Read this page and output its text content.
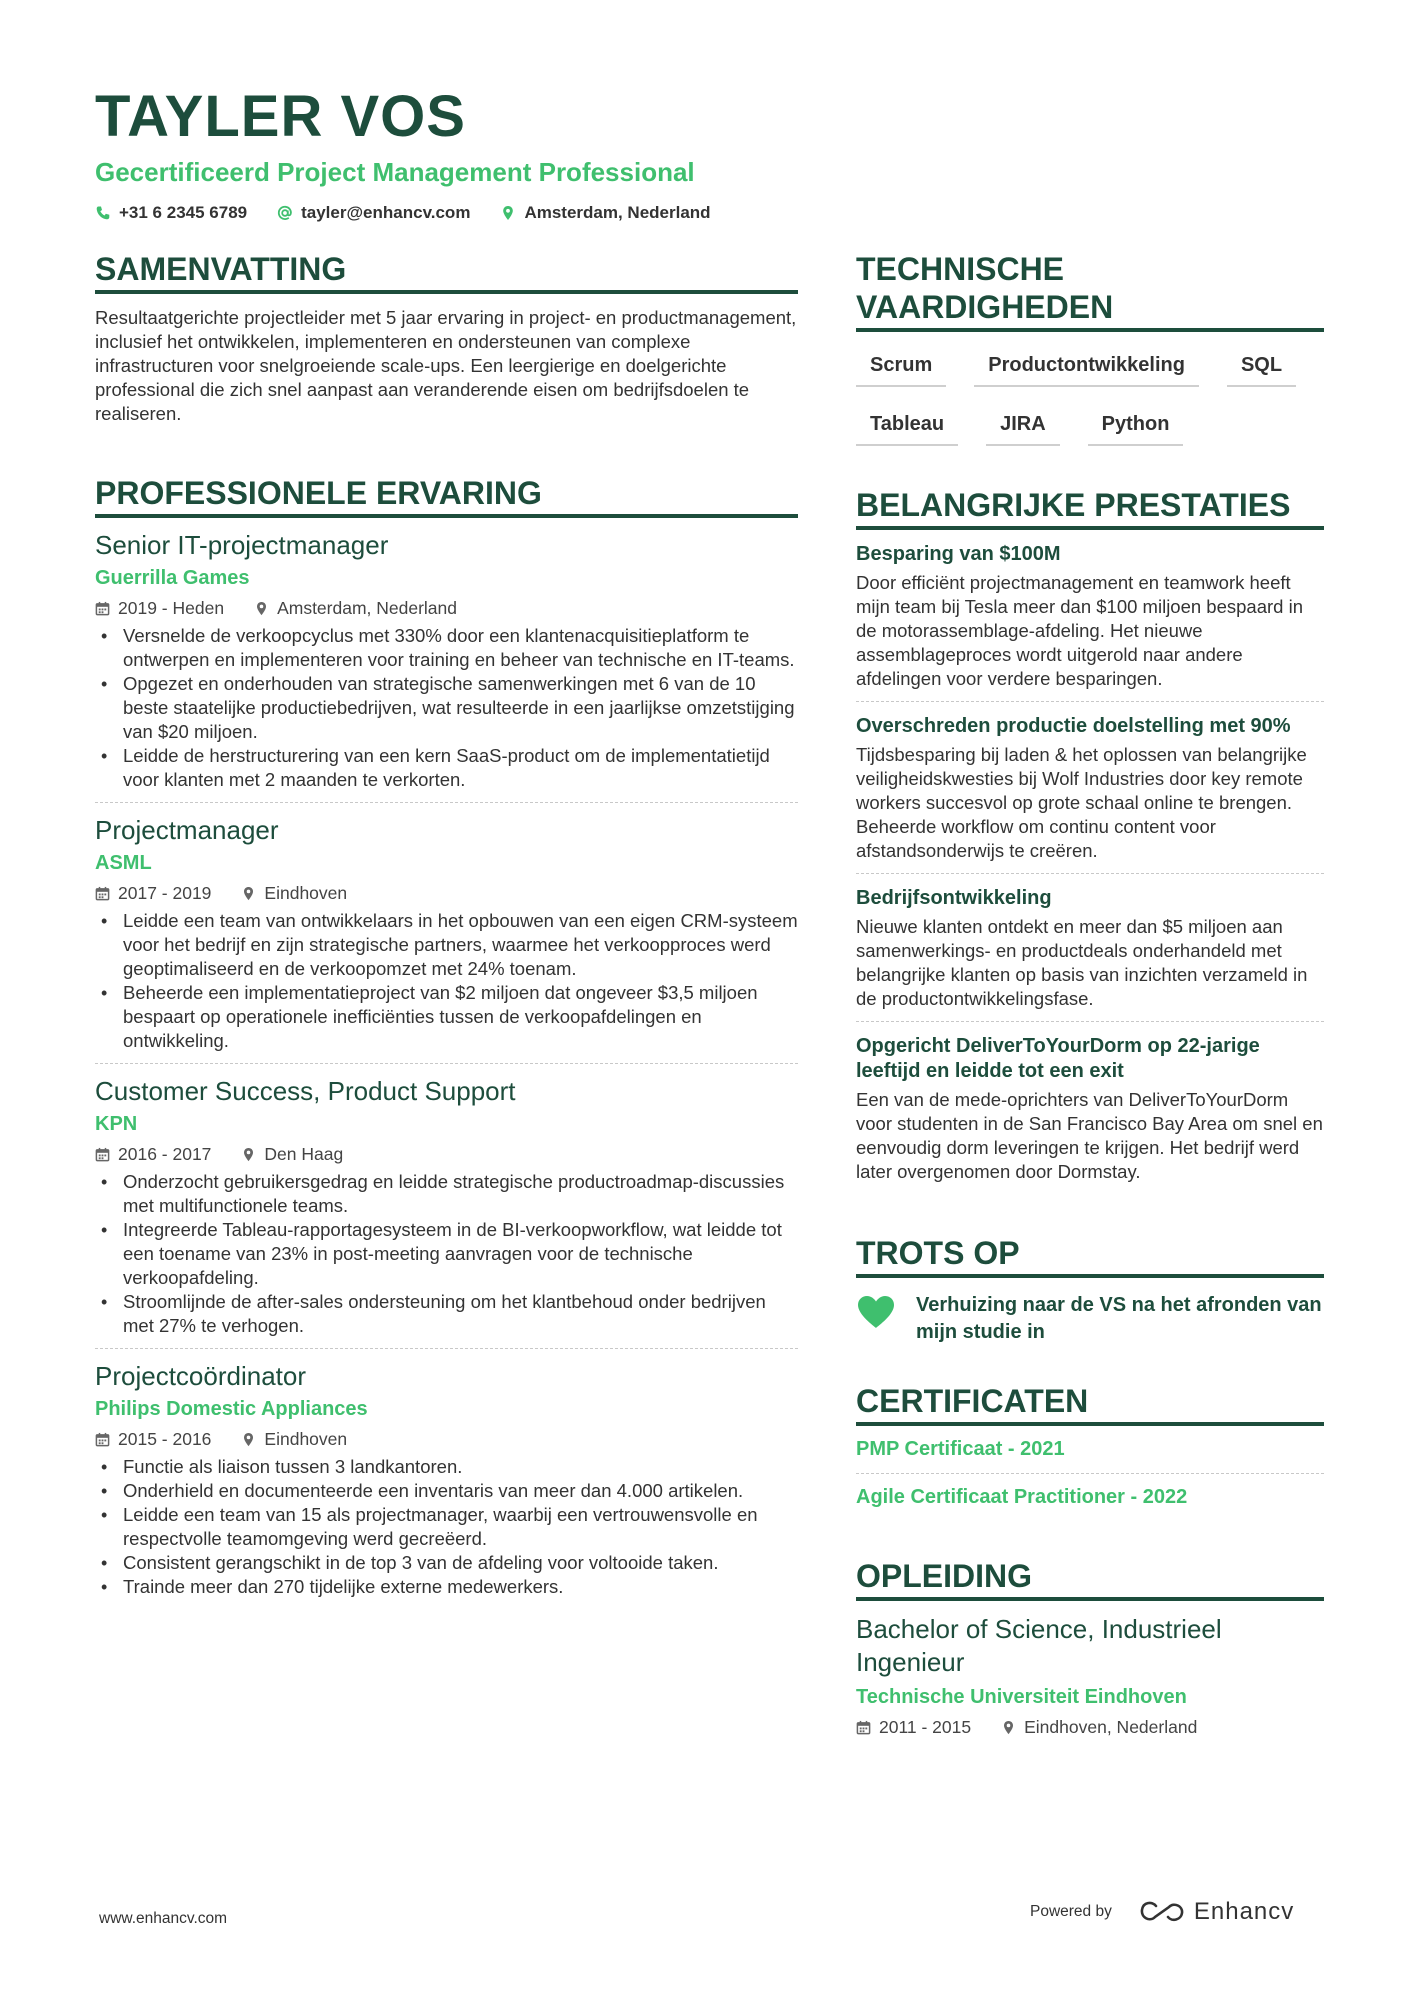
TAYLER VOS
Gecertificeerd Project Management Professional
+31 6 2345 6789	tayler@enhancv.com	Amsterdam, Nederland
SAMENVATTING

Resultaatgerichte projectleider met 5 jaar ervaring in project- en productmanagement, inclusief het ontwikkelen, implementeren en ondersteunen van complexe infrastructuren voor snelgroeiende scale-ups. Een leergierige en doelgerichte professional die zich snel aanpast aan veranderende eisen om bedrijfsdoelen te realiseren.

PROFESSIONELE ERVARING
Senior IT-projectmanager
Guerrilla Games
2019 - Heden	Amsterdam, Nederland
• Versnelde de verkoopcyclus met 330% door een klantenacquisitieplatform te ontwerpen en implementeren voor training en beheer van technische en IT-teams.
• Opgezet en onderhouden van strategische samenwerkingen met 6 van de 10 beste staatelijke productiebedrijven, wat resulteerde in een jaarlijkse omzetstijging van $20 miljoen.
• Leidde de herstructurering van een kern SaaS-product om de implementatietijd voor klanten met 2 maanden te verkorten.
Projectmanager
ASML
2017 - 2019	Eindhoven
• Leidde een team van ontwikkelaars in het opbouwen van een eigen CRM-systeem voor het bedrijf en zijn strategische partners, waarmee het verkoopproces werd geoptimaliseerd en de verkoopomzet met 24% toenam.
• Beheerde een implementatieproject van $2 miljoen dat ongeveer $3,5 miljoen bespaart op operationele inefficiënties tussen de verkoopafdelingen en ontwikkeling.
Customer Success, Product Support
KPN
2016 - 2017	Den Haag
• Onderzocht gebruikersgedrag en leidde strategische productroadmap-discussies met multifunctionele teams.
• Integreerde Tableau-rapportagesysteem in de BI-verkoopworkflow, wat leidde tot een toename van 23% in post-meeting aanvragen voor de technische verkoopafdeling.
• Stroomlijnde de after-sales ondersteuning om het klantbehoud onder bedrijven met 27% te verhogen.
Projectcoördinator
Philips Domestic Appliances
2015 - 2016	Eindhoven
• Functie als liaison tussen 3 landkantoren.
• Onderhield en documenteerde een inventaris van meer dan 4.000 artikelen.
• Leidde een team van 15 als projectmanager, waarbij een vertrouwensvolle en respectvolle teamomgeving werd gecreëerd.
• Consistent gerangschikt in de top 3 van de afdeling voor voltooide taken.
• Trainde meer dan 270 tijdelijke externe medewerkers.
TECHNISCHE VAARDIGHEDEN
Scrum	Productontwikkeling	SQL
Tableau	JIRA	Python
BELANGRIJKE PRESTATIES
Besparing van $100M
Door efficiënt projectmanagement en teamwork heeft mijn team bij Tesla meer dan $100 miljoen bespaard in de motorassemblage-afdeling. Het nieuwe assemblageproces wordt uitgerold naar andere afdelingen voor verdere besparingen.
Overschreden productie doelstelling met 90%
Tijdsbesparing bij laden & het oplossen van belangrijke veiligheidskwesties bij Wolf Industries door key remote workers succesvol op grote schaal online te brengen. Beheerde workflow om continu content voor afstandsonderwijs te creëren.
Bedrijfsontwikkeling
Nieuwe klanten ontdekt en meer dan $5 miljoen aan samenwerkings- en productdeals onderhandeld met belangrijke klanten op basis van inzichten verzameld in de productontwikkelingsfase.
Opgericht DeliverToYourDorm op 22-jarige leeftijd en leidde tot een exit
Een van de mede-oprichters van DeliverToYourDorm voor studenten in de San Francisco Bay Area om snel en eenvoudig dorm leveringen te krijgen. Het bedrijf werd later overgenomen door Dormstay.
TROTS OP
Verhuizing naar de VS na het afronden van mijn studie in
CERTIFICATEN
PMP Certificaat - 2021
Agile Certificaat Practitioner - 2022
OPLEIDING
Bachelor of Science, Industrieel Ingenieur
Technische Universiteit Eindhoven
2011 - 2015	Eindhoven, Nederland
www.enhancv.com	Powered by	Enhancv
